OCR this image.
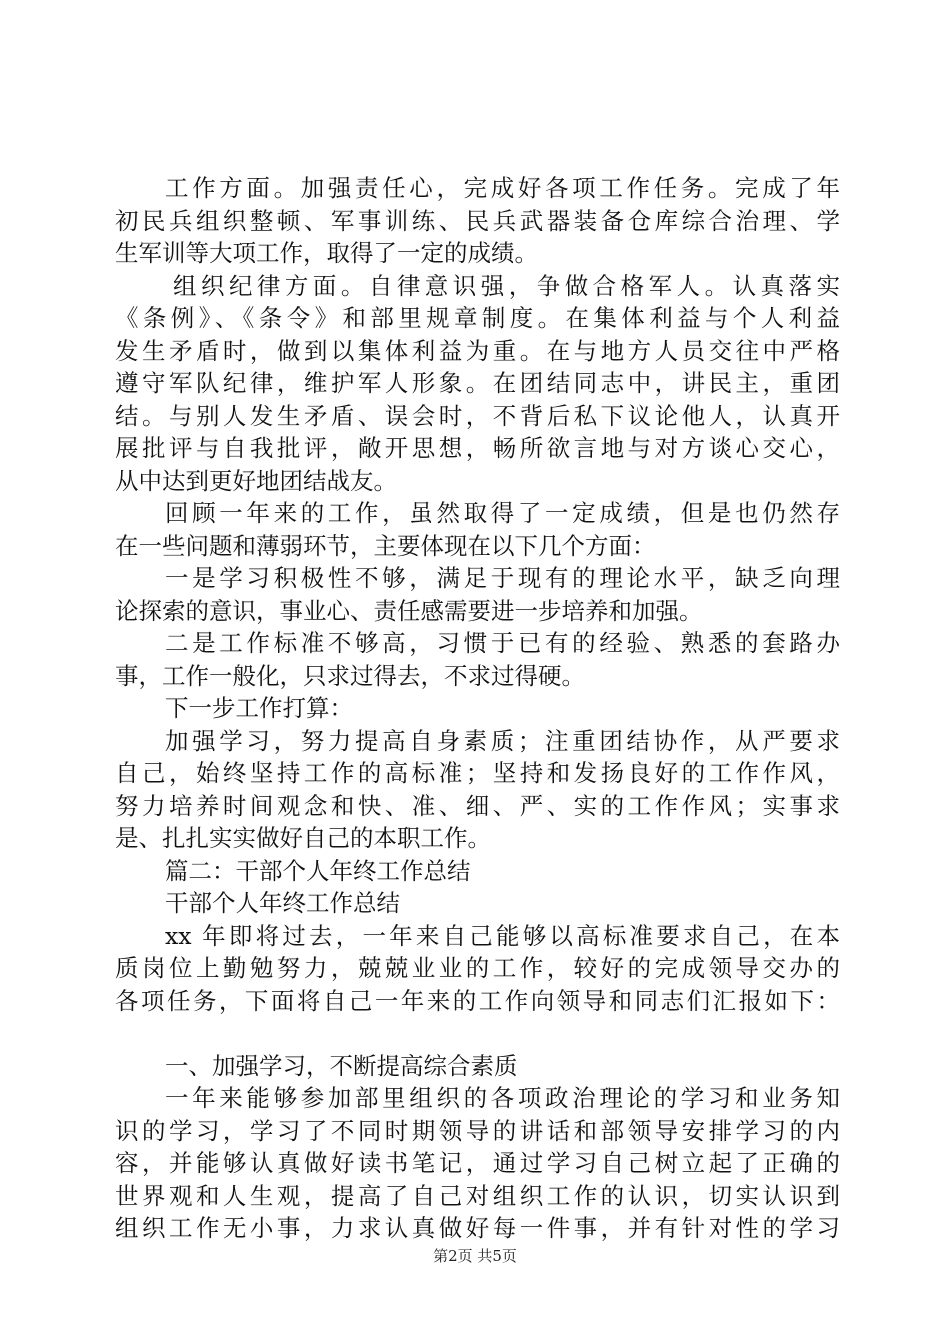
工作方面。加强责任心，完成好各项工作任务。完成了年
初民兵组织整顿、军事训练、民兵武器装备仓库综合治理、学
生军训等大项工作，取得了一定的成绩。
组织纪律方面。自律意识强，争做合格军人。认真落实
《条例》、《条令》和部里规章制度。在集体利益与个人利益
发生矛盾时，做到以集体利益为重。在与地方人员交往中严格
遵守军队纪律，维护军人形象。在团结同志中，讲民主，重团
结。与别人发生矛盾、误会时，不背后私下议论他人，认真开
展批评与自我批评，敞开思想，畅所欲言地与对方谈心交心，
从中达到更好地团结战友。
回顾一年来的工作，虽然取得了一定成绩，但是也仍然存
在一些问题和薄弱环节，主要体现在以下几个方面：
一是学习积极性不够，满足于现有的理论水平，缺乏向理
论探索的意识，事业心、责任感需要进一步培养和加强。
二是工作标准不够高，习惯于已有的经验、熟悉的套路办
事，工作一般化，只求过得去，不求过得硬。
下一步工作打算：
加强学习，努力提高自身素质；注重团结协作，从严要求
自己，始终坚持工作的高标准；坚持和发扬良好的工作作风，
努力培养时间观念和快、准、细、严、实的工作作风；实事求
是、扎扎实实做好自己的本职工作。
篇二：干部个人年终工作总结
干部个人年终工作总结
xx 年即将过去，一年来自己能够以高标准要求自己，在本
质岗位上勤勉努力，兢兢业业的工作，较好的完成领导交办的
各项任务，下面将自己一年来的工作向领导和同志们汇报如下：
一、加强学习，不断提高综合素质
一年来能够参加部里组织的各项政治理论的学习和业务知
识的学习，学习了不同时期领导的讲话和部领导安排学习的内
容，并能够认真做好读书笔记，通过学习自己树立起了正确的
世界观和人生观，提高了自己对组织工作的认识，切实认识到
组织工作无小事，力求认真做好每一件事，并有针对性的学习
第2页 共5页
